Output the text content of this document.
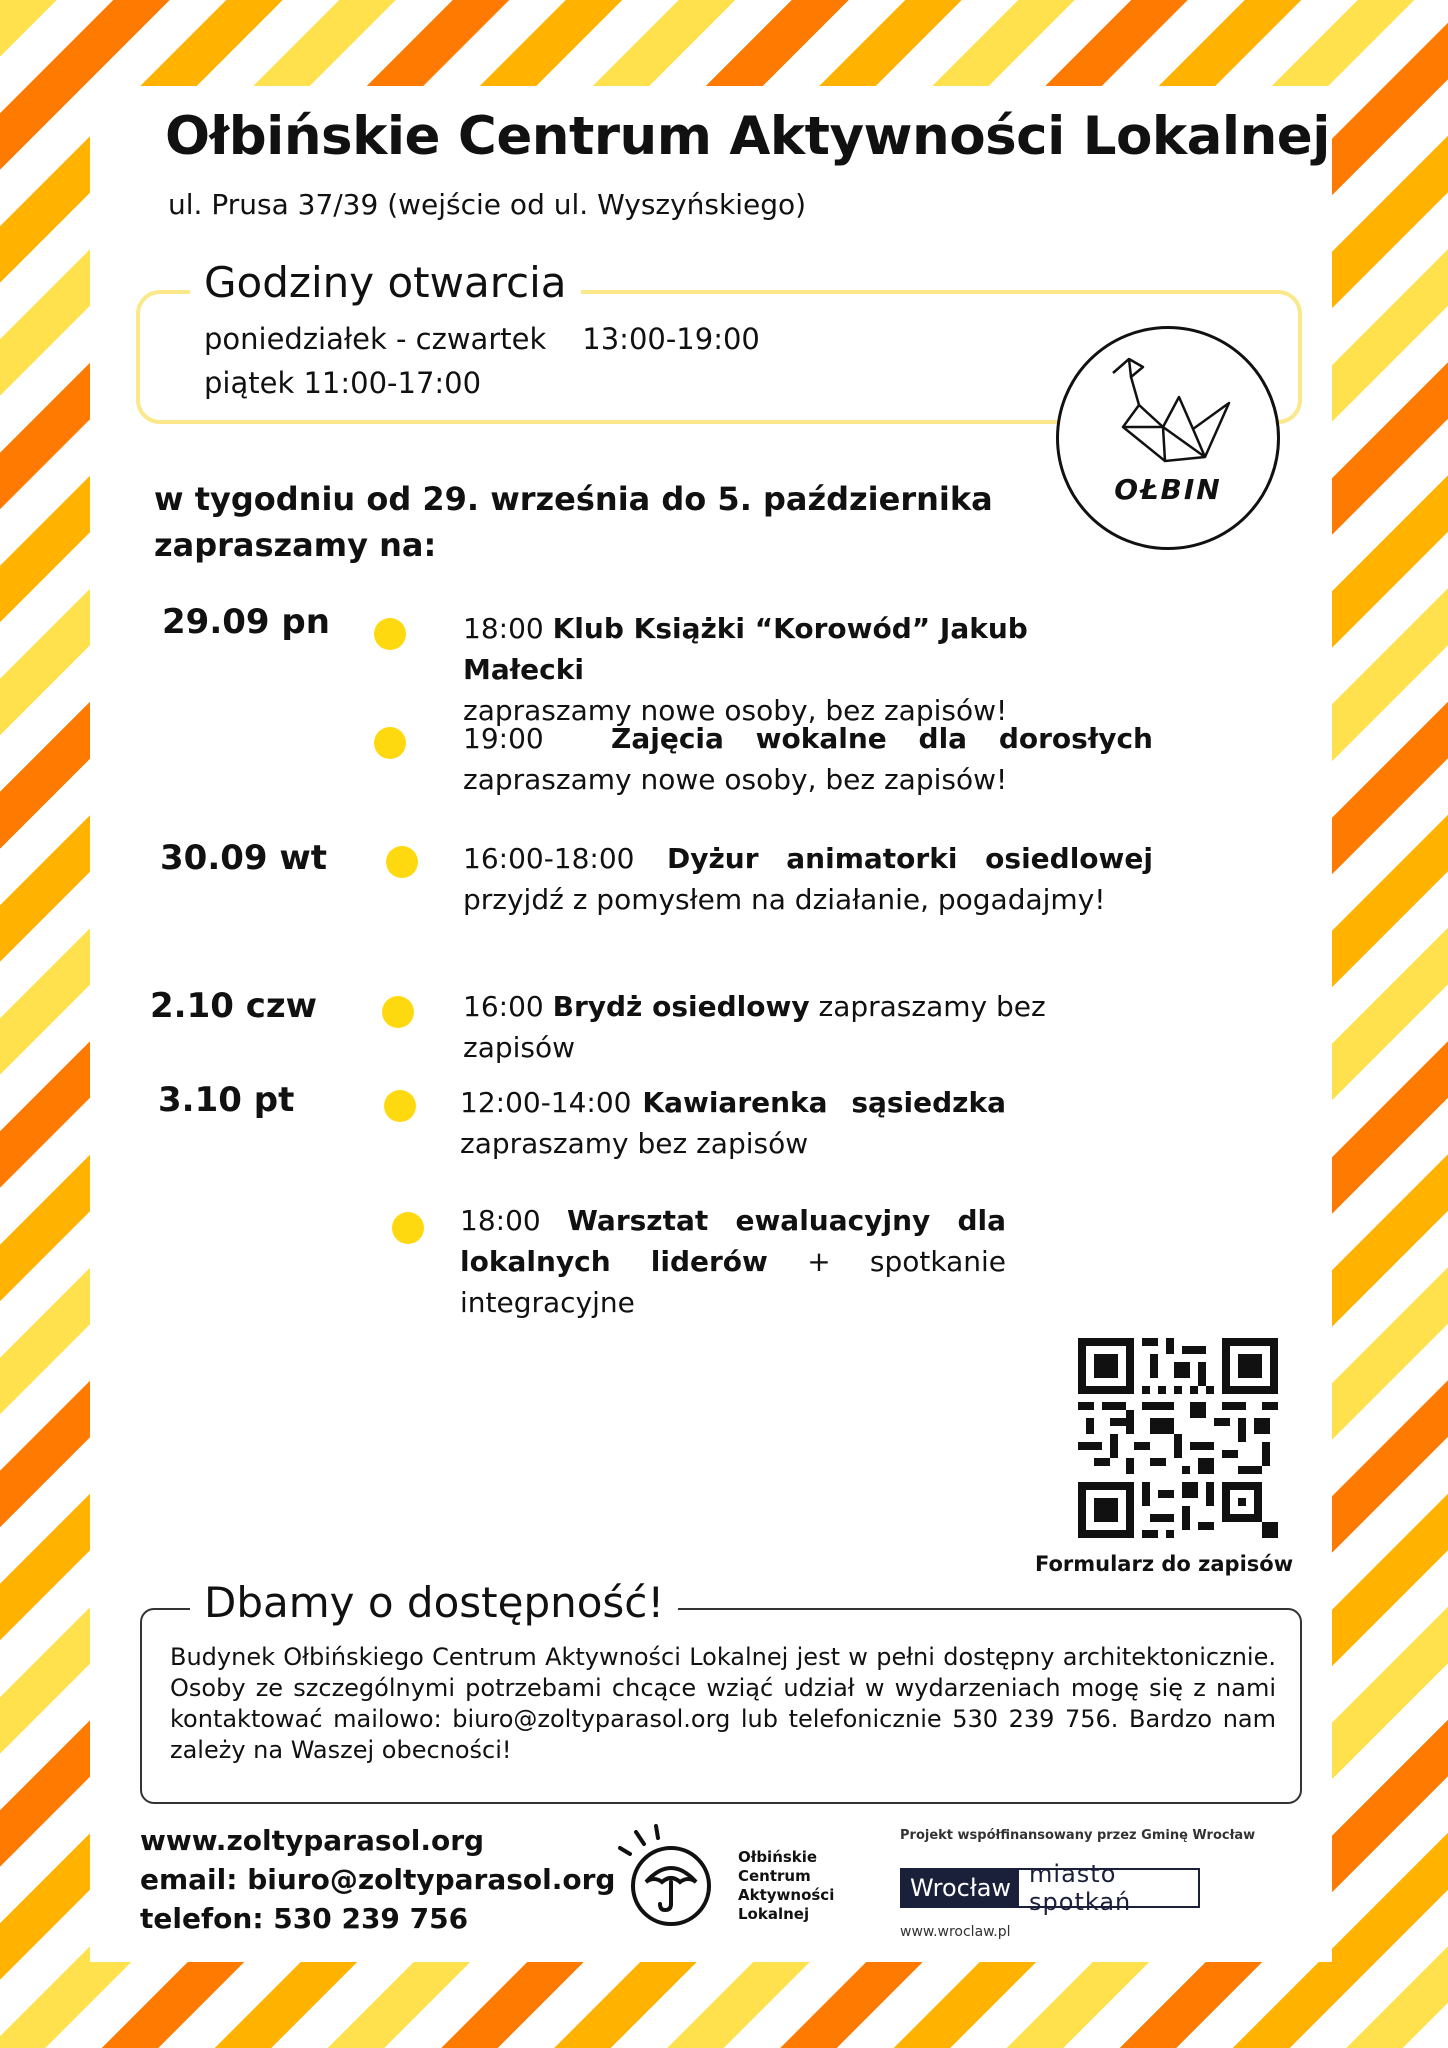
Ołbińskie Centrum Aktywności Lokalnej
ul. Prusa 37/39 (wejście od ul. Wyszyńskiego)
Godziny otwarcia
poniedziałek - czwartek 13:00-19:00
piątek 11:00-17:00
OŁBIN
w tygodniu od 29. września do 5. października
zapraszamy na:
29.09 pn	18:00 Klub Książki “Korowód” Jakub Małecki
zapraszamy nowe osoby, bez zapisów!
19:00 Zajęcia wokalne dla dorosłych
zapraszamy nowe osoby, bez zapisów!
30.09 wt	16:00-18:00 Dyżur animatorki osiedlowej
przyjdź z pomysłem na działanie, pogadajmy!
2.10 czw	16:00 Brydż osiedlowy zapraszamy bez zapisów
3.10 pt	12:00-14:00 Kawiarenka sąsiedzka
zapraszamy bez zapisów
18:00 Warsztat ewaluacyjny dla lokalnych liderów + spotkanie integracyjne
Formularz do zapisów
Dbamy o dostępność!
Budynek Ołbińskiego Centrum Aktywności Lokalnej jest w pełni dostępny architektonicznie. Osoby ze szczególnymi potrzebami chcące wziąć udział w wydarzeniach mogę się z nami kontaktować mailowo: biuro@zoltyparasol.org lub telefonicznie 530 239 756. Bardzo nam zależy na Waszej obecności!
www.zoltyparasol.org
email: biuro@zoltyparasol.org
telefon: 530 239 756
Ołbińskie
Centrum
Aktywności
Lokalnej
Projekt współfinansowany przez Gminę Wrocław
Wrocław miasto spotkań
www.wroclaw.pl
